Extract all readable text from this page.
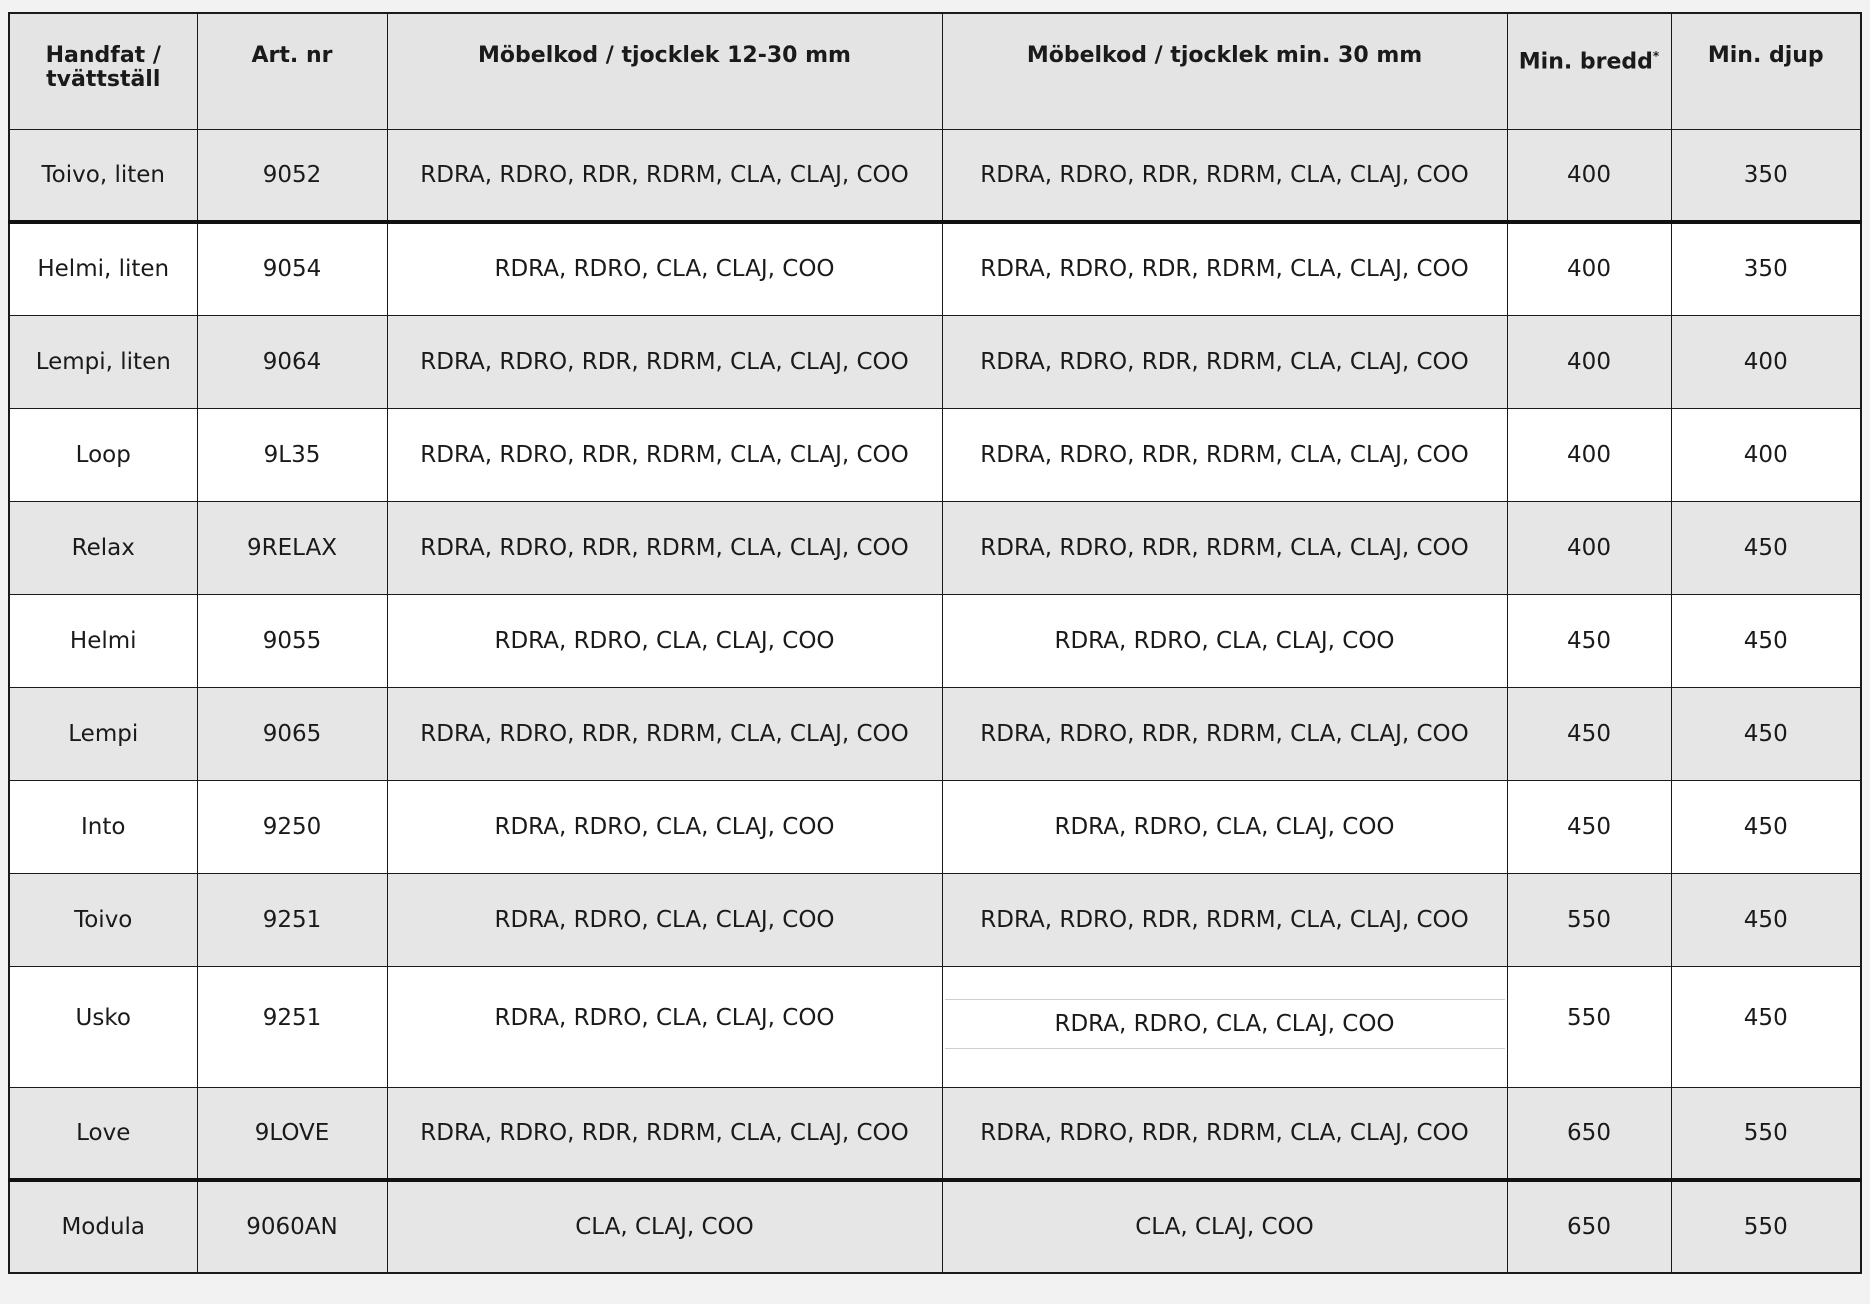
Handfat / tvättställ	Art. nr	Möbelkod / tjocklek 12-30 mm	Möbelkod / tjocklek min. 30 mm	Min. bredd*	Min. djup
Toivo, liten	9052	RDRA, RDRO, RDR, RDRM, CLA, CLAJ, COO	RDRA, RDRO, RDR, RDRM, CLA, CLAJ, COO	400	350
Helmi, liten	9054	RDRA, RDRO, CLA, CLAJ, COO	RDRA, RDRO, RDR, RDRM, CLA, CLAJ, COO	400	350
Lempi, liten	9064	RDRA, RDRO, RDR, RDRM, CLA, CLAJ, COO	RDRA, RDRO, RDR, RDRM, CLA, CLAJ, COO	400	400
Loop	9L35	RDRA, RDRO, RDR, RDRM, CLA, CLAJ, COO	RDRA, RDRO, RDR, RDRM, CLA, CLAJ, COO	400	400
Relax	9RELAX	RDRA, RDRO, RDR, RDRM, CLA, CLAJ, COO	RDRA, RDRO, RDR, RDRM, CLA, CLAJ, COO	400	450
Helmi	9055	RDRA, RDRO, CLA, CLAJ, COO	RDRA, RDRO, CLA, CLAJ, COO	450	450
Lempi	9065	RDRA, RDRO, RDR, RDRM, CLA, CLAJ, COO	RDRA, RDRO, RDR, RDRM, CLA, CLAJ, COO	450	450
Into	9250	RDRA, RDRO, CLA, CLAJ, COO	RDRA, RDRO, CLA, CLAJ, COO	450	450
Toivo	9251	RDRA, RDRO, CLA, CLAJ, COO	RDRA, RDRO, RDR, RDRM, CLA, CLAJ, COO	550	450
Usko	9251	RDRA, RDRO, CLA, CLAJ, COO	RDRA, RDRO, CLA, CLAJ, COO	550	450
Love	9LOVE	RDRA, RDRO, RDR, RDRM, CLA, CLAJ, COO	RDRA, RDRO, RDR, RDRM, CLA, CLAJ, COO	650	550
Modula	9060AN	CLA, CLAJ, COO	CLA, CLAJ, COO	650	550
